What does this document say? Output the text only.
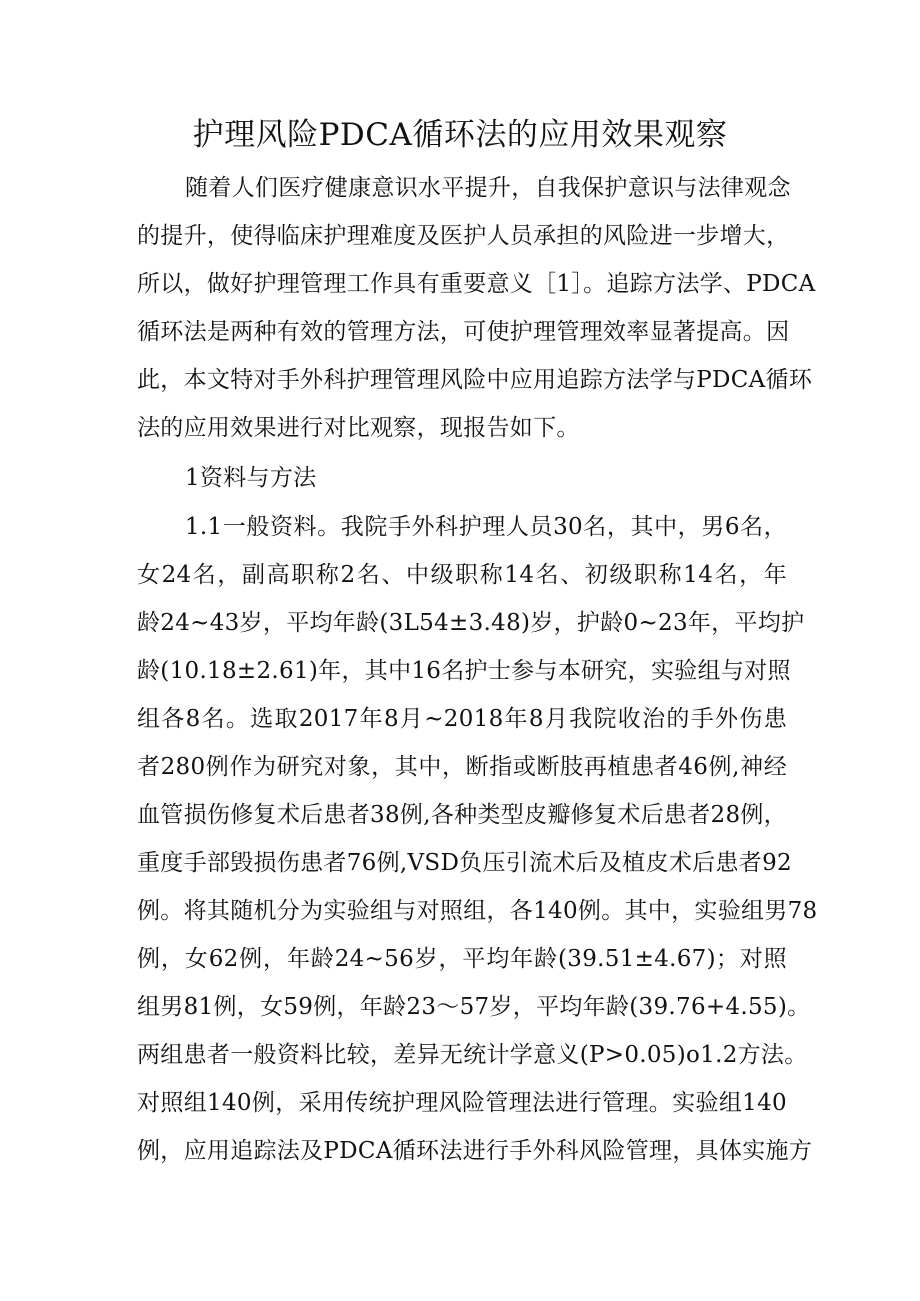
护理风险PDCA循环法的应用效果观察
随着人们医疗健康意识水平提升，自我保护意识与法律观念
的提升，使得临床护理难度及医护人员承担的风险进一步增大，
所以，做好护理管理工作具有重要意义［1］。追踪方法学、PDCA
循环法是两种有效的管理方法，可使护理管理效率显著提高。因
此，本文特对手外科护理管理风险中应用追踪方法学与PDCA循环
法的应用效果进行对比观察，现报告如下。
1资料与方法
1.1一般资料。我院手外科护理人员30名，其中，男6名，
女24名，副高职称2名、中级职称14名、初级职称14名，年
龄24~43岁，平均年龄(3L54±3.48)岁，护龄0~23年，平均护
龄(10.18±2.61)年，其中16名护士参与本研究，实验组与对照
组各8名。选取2017年8月~2018年8月我院收治的手外伤患
者280例作为研究对象，其中，断指或断肢再植患者46例,神经
血管损伤修复术后患者38例,各种类型皮瓣修复术后患者28例，
重度手部毁损伤患者76例,VSD负压引流术后及植皮术后患者92
例。将其随机分为实验组与对照组，各140例。其中，实验组男78
例，女62例，年龄24~56岁，平均年龄(39.51±4.67)；对照
组男81例，女59例，年龄23～57岁，平均年龄(39.76+4.55)。
两组患者一般资料比较，差异无统计学意义(P>0.05)o1.2方法。
对照组140例，采用传统护理风险管理法进行管理。实验组140
例，应用追踪法及PDCA循环法进行手外科风险管理，具体实施方
